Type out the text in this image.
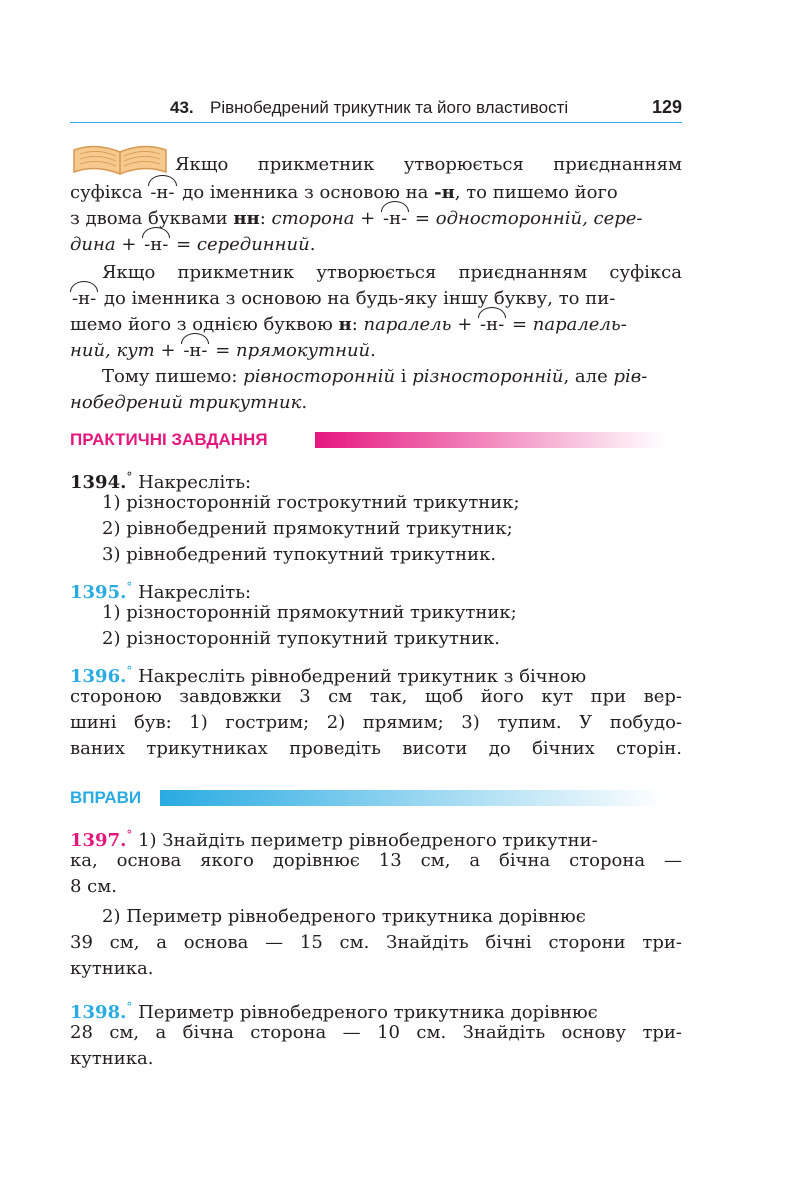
43. Рівнобедрений трикутник та його властивості	129
Якщо прикметник утворюється приєднанням
суфікса -н- до іменника з основою на -н, то пишемо його
з двома буквами нн: сторона + -н- = односторонній, сере-
дина + -н- = серединний.
Якщо прикметник утворюється приєднанням суфікса
-н- до іменника з основою на будь-яку іншу букву, то пи-
шемо його з однією буквою н: паралель + -н- = паралель-
ний, кут + -н- = прямокутний.
Тому пишемо: рівносторонній і різносторонній, але рів-
нобедрений трикутник.
ПРАКТИЧНІ ЗАВДАННЯ
1394.° Накресліть:
1) різносторонній гострокутний трикутник;
2) рівнобедрений прямокутний трикутник;
3) рівнобедрений тупокутний трикутник.
1395.° Накресліть:
1) різносторонній прямокутний трикутник;
2) різносторонній тупокутний трикутник.
1396.° Накресліть рівнобедрений трикутник з бічною
стороною завдовжки 3 см так, щоб його кут при вер-
шині був: 1) гострим; 2) прямим; 3) тупим. У побудо-
ваних трикутниках проведіть висоти до бічних сторін.
ВПРАВИ
1397.° 1) Знайдіть периметр рівнобедреного трикутни-
ка, основа якого дорівнює 13 см, а бічна сторона —
8 см.
2) Периметр рівнобедреного трикутника дорівнює
39 см, а основа — 15 см. Знайдіть бічні сторони три-
кутника.
1398.° Периметр рівнобедреного трикутника дорівнює
28 см, а бічна сторона — 10 см. Знайдіть основу три-
кутника.
